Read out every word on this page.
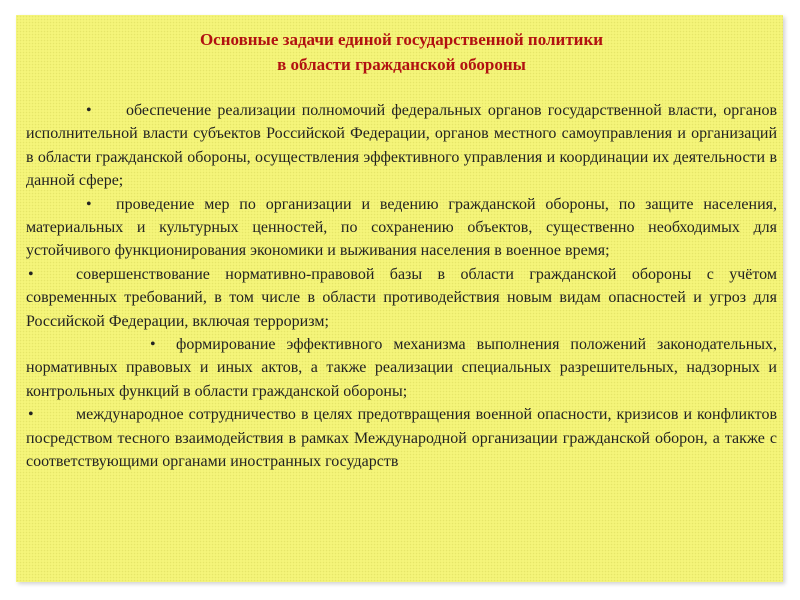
Основные задачи единой государственной политики
в области гражданской обороны
• обеспечение реализации полномочий федеральных органов государственной власти, органов исполнительной власти субъектов Российской Федерации, органов местного самоуправления и организаций в области гражданской обороны, осуществления эффективного управления и координации их деятельности в данной сфере;
• проведение мер по организации и ведению гражданской обороны, по защите населения, материальных и культурных ценностей, по сохранению объектов, существенно необходимых для устойчивого функционирования экономики и выживания населения в военное время;
•	совершенствование нормативно-правовой базы в области гражданской обороны с учётом современных требований, в том числе в области противодействия новым видам опасностей и угроз для Российской Федерации, включая терроризм;
• формирование эффективного механизма выполнения положений законодательных, нормативных правовых и иных актов, а также реализации специальных разрешительных, надзорных и контрольных функций в области гражданской обороны;
•	международное сотрудничество в целях предотвращения военной опасности, кризисов и конфликтов посредством тесного взаимодействия в рамках Международной организации гражданской оборон, а также с соответствующими органами иностранных государств
